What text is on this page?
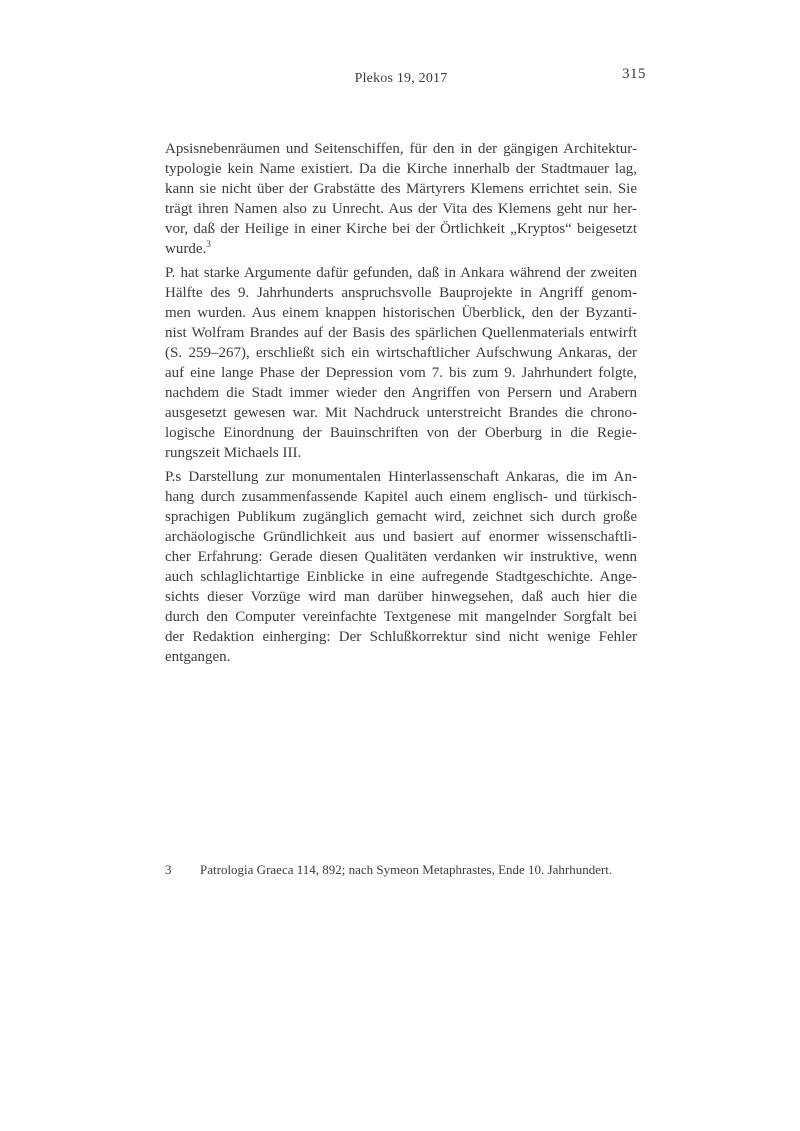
Plekos 19, 2017	315
Apsisnebenräumen und Seitenschiffen, für den in der gängigen Architektur-
typologie kein Name existiert. Da die Kirche innerhalb der Stadtmauer lag,
kann sie nicht über der Grabstätte des Märtyrers Klemens errichtet sein. Sie
trägt ihren Namen also zu Unrecht. Aus der Vita des Klemens geht nur her-
vor, daß der Heilige in einer Kirche bei der Örtlichkeit „Kryptos“ beigesetzt
wurde.$^3$
P. hat starke Argumente dafür gefunden, daß in Ankara während der zweiten
Hälfte des 9. Jahrhunderts anspruchsvolle Bauprojekte in Angriff genom-
men wurden. Aus einem knappen historischen Überblick, den der Byzanti-
nist Wolfram Brandes auf der Basis des spärlichen Quellenmaterials entwirft
(S. 259–267), erschließt sich ein wirtschaftlicher Aufschwung Ankaras, der
auf eine lange Phase der Depression vom 7. bis zum 9. Jahrhundert folgte,
nachdem die Stadt immer wieder den Angriffen von Persern und Arabern
ausgesetzt gewesen war. Mit Nachdruck unterstreicht Brandes die chrono-
logische Einordnung der Bauinschriften von der Oberburg in die Regie-
rungszeit Michaels III.
P.s Darstellung zur monumentalen Hinterlassenschaft Ankaras, die im An-
hang durch zusammenfassende Kapitel auch einem englisch- und türkisch-
sprachigen Publikum zugänglich gemacht wird, zeichnet sich durch große
archäologische Gründlichkeit aus und basiert auf enormer wissenschaftli-
cher Erfahrung: Gerade diesen Qualitäten verdanken wir instruktive, wenn
auch schlaglichtartige Einblicke in eine aufregende Stadtgeschichte. Ange-
sichts dieser Vorzüge wird man darüber hinwegsehen, daß auch hier die
durch den Computer vereinfachte Textgenese mit mangelnder Sorgfalt bei
der Redaktion einherging: Der Schlußkorrektur sind nicht wenige Fehler
entgangen.
3 Patrologia Graeca 114, 892; nach Symeon Metaphrastes, Ende 10. Jahrhundert.
